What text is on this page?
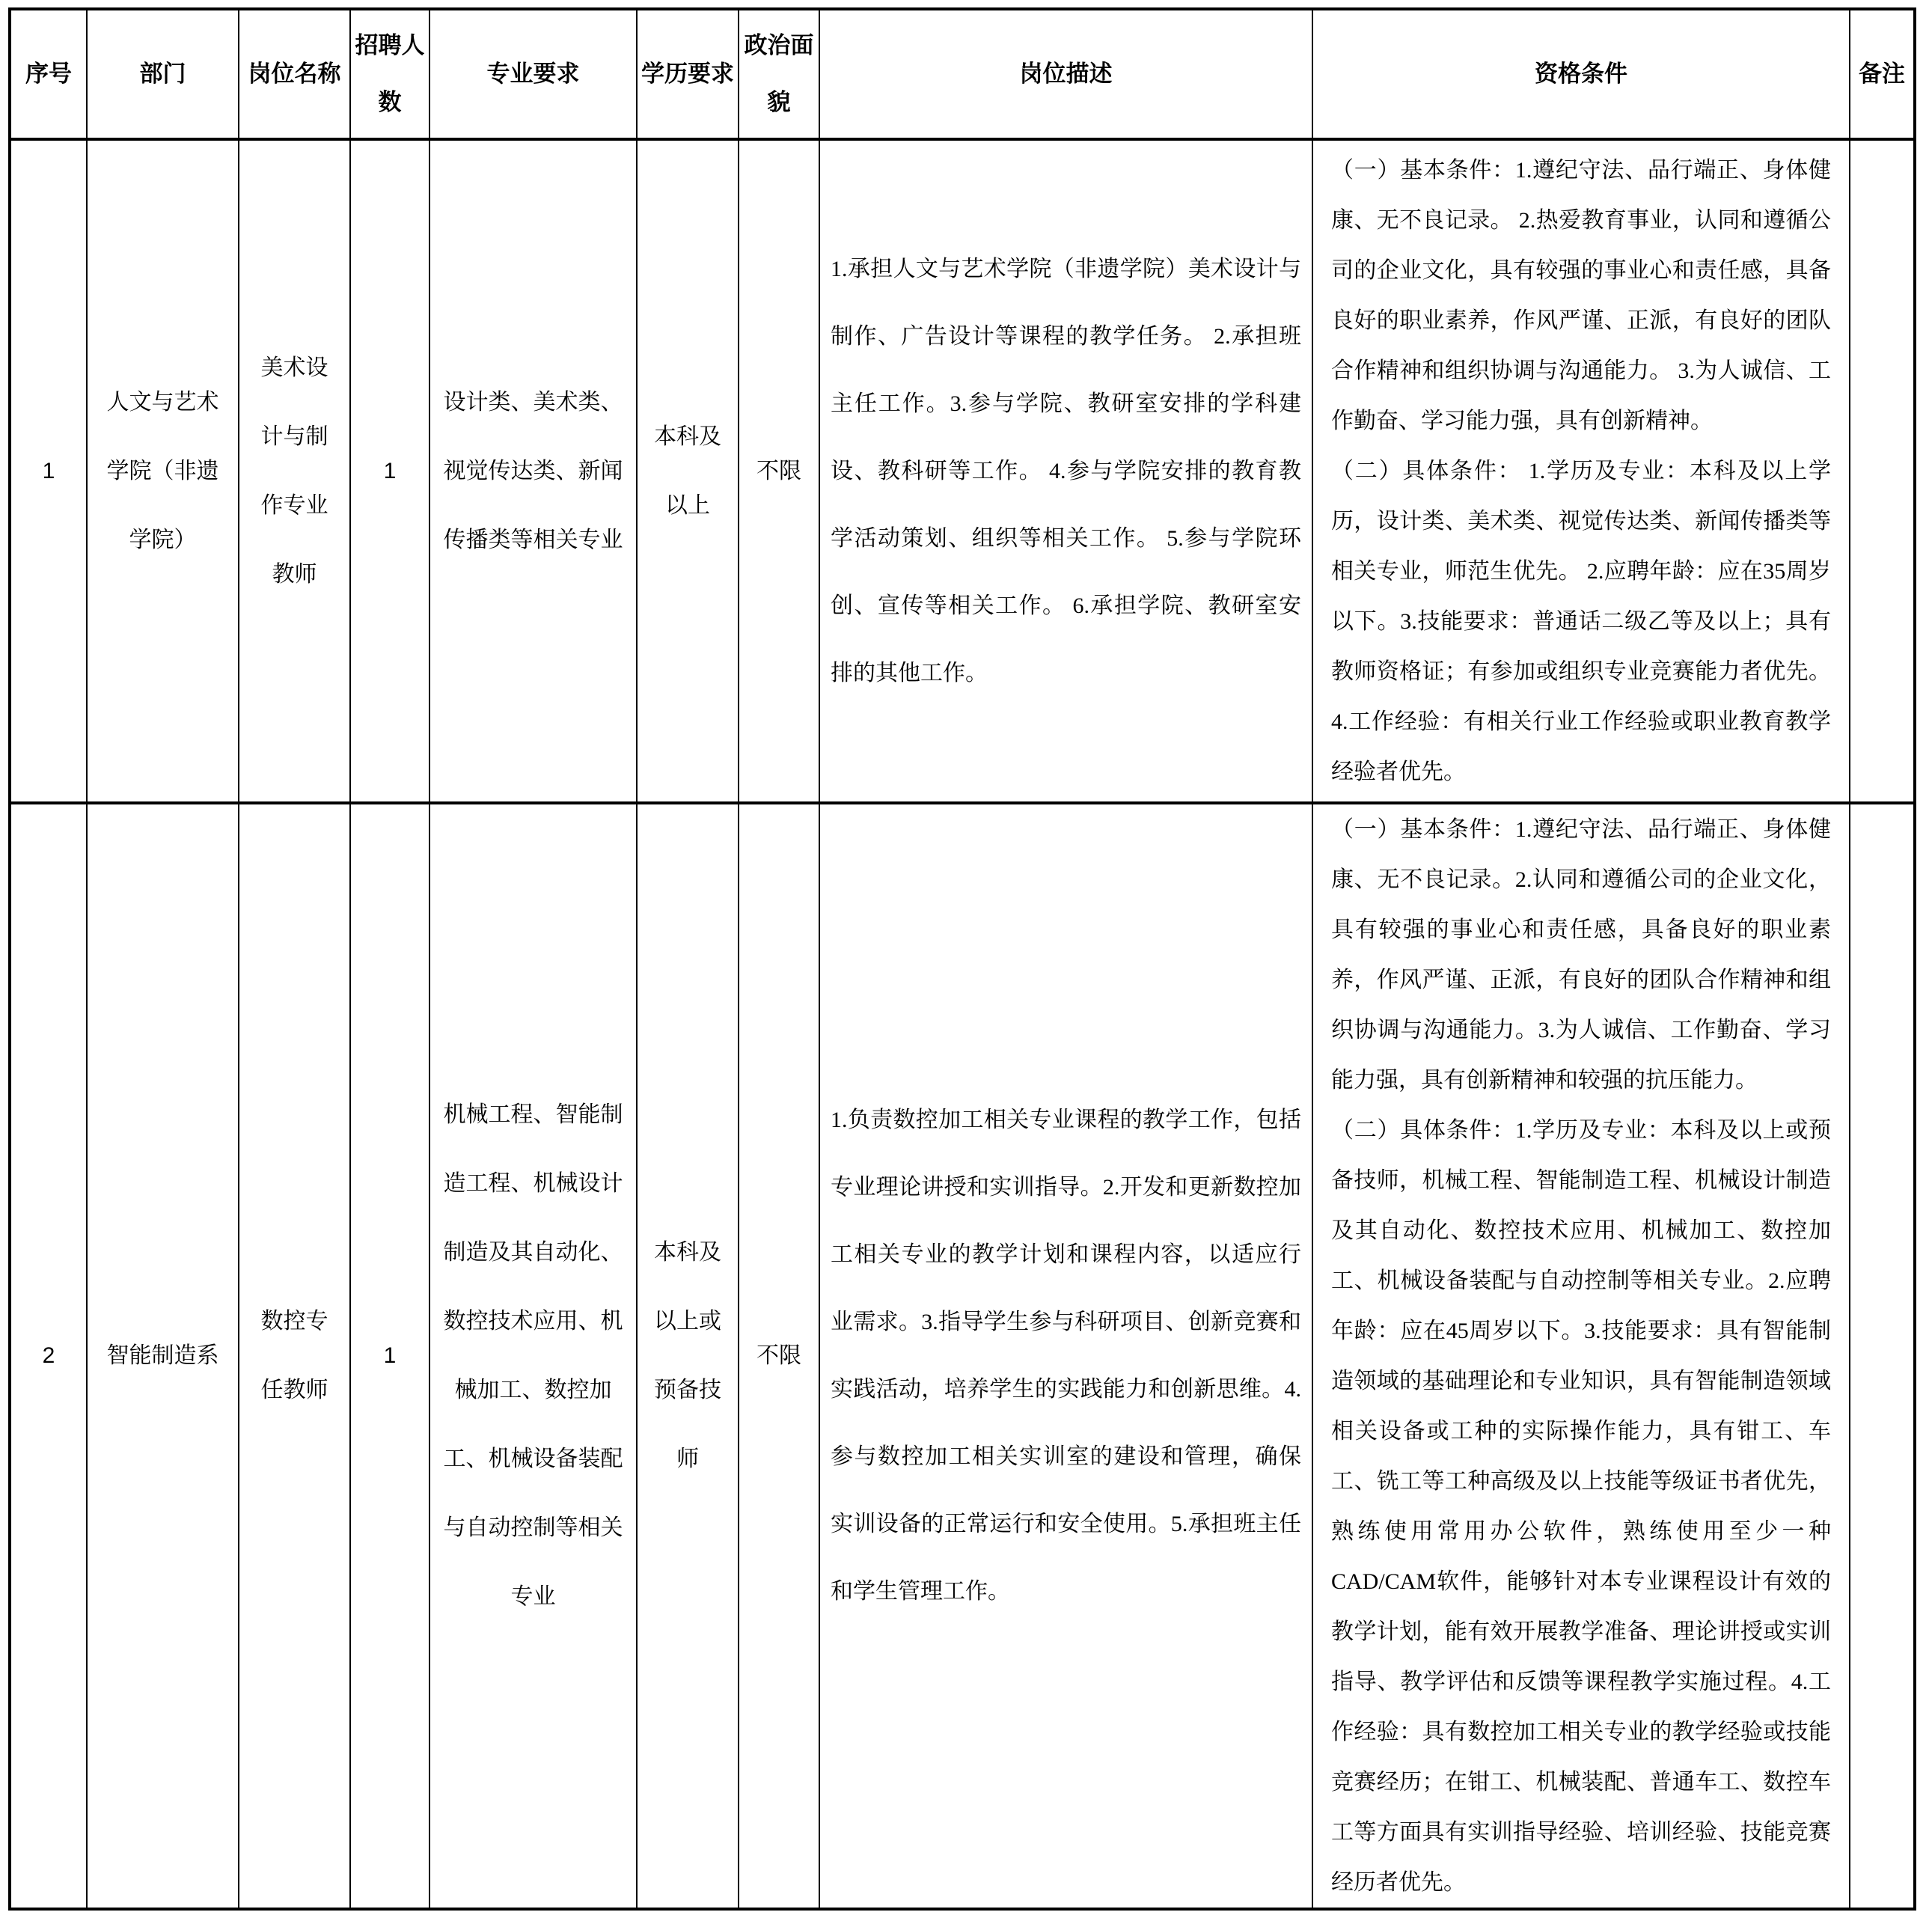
序号	部门	岗位名称	招聘人数	专业要求	学历要求	政治面貌	岗位描述	资格条件	备注
1	人文与艺术学院（非遗学院）	美术设计与制作专业教师	1	设计类、美术类、视觉传达类、新闻传播类等相关专业	本科及以上	不限	1.承担人文与艺术学院（非遗学院）美术设计与制作、广告设计等课程的教学任务。 2.承担班主任工作。3.参与学院、教研室安排的学科建设、教科研等工作。 4.参与学院安排的教育教学活动策划、组织等相关工作。 5.参与学院环创、宣传等相关工作。 6.承担学院、教研室安排的其他工作。	（一）基本条件：1.遵纪守法、品行端正、身体健康、无不良记录。 2.热爱教育事业，认同和遵循公司的企业文化，具有较强的事业心和责任感，具备良好的职业素养，作风严谨、正派，有良好的团队合作精神和组织协调与沟通能力。 3.为人诚信、工作勤奋、学习能力强，具有创新精神。

（二）具体条件： 1.学历及专业：本科及以上学历，设计类、美术类、视觉传达类、新闻传播类等相关专业，师范生优先。 2.应聘年龄：应在35周岁以下。3.技能要求：普通话二级乙等及以上；具有教师资格证；有参加或组织专业竞赛能力者优先。 4.工作经验：有相关行业工作经验或职业教育教学经验者优先。	

2	智能制造系	数控专任教师	1	机械工程、智能制造工程、机械设计制造及其自动化、数控技术应用、机械加工、数控加工、机械设备装配与自动控制等相关专业	本科及以上或预备技师	不限	1.负责数控加工相关专业课程的教学工作，包括专业理论讲授和实训指导。2.开发和更新数控加工相关专业的教学计划和课程内容，以适应行业需求。3.指导学生参与科研项目、创新竞赛和实践活动，培养学生的实践能力和创新思维。4.参与数控加工相关实训室的建设和管理，确保实训设备的正常运行和安全使用。5.承担班主任和学生管理工作。	（一）基本条件：1.遵纪守法、品行端正、身体健康、无不良记录。2.认同和遵循公司的企业文化，具有较强的事业心和责任感，具备良好的职业素养，作风严谨、正派，有良好的团队合作精神和组织协调与沟通能力。3.为人诚信、工作勤奋、学习能力强，具有创新精神和较强的抗压能力。

（二）具体条件：1.学历及专业：本科及以上或预备技师，机械工程、智能制造工程、机械设计制造及其自动化、数控技术应用、机械加工、数控加工、机械设备装配与自动控制等相关专业。2.应聘年龄：应在45周岁以下。3.技能要求：具有智能制造领域的基础理论和专业知识，具有智能制造领域相关设备或工种的实际操作能力，具有钳工、车工、铣工等工种高级及以上技能等级证书者优先，熟练使用常用办公软件，熟练使用至少一种CAD/CAM软件，能够针对本专业课程设计有效的教学计划，能有效开展教学准备、理论讲授或实训指导、教学评估和反馈等课程教学实施过程。4.工作经验：具有数控加工相关专业的教学经验或技能竞赛经历；在钳工、机械装配、普通车工、数控车工等方面具有实训指导经验、培训经验、技能竞赛经历者优先。	
